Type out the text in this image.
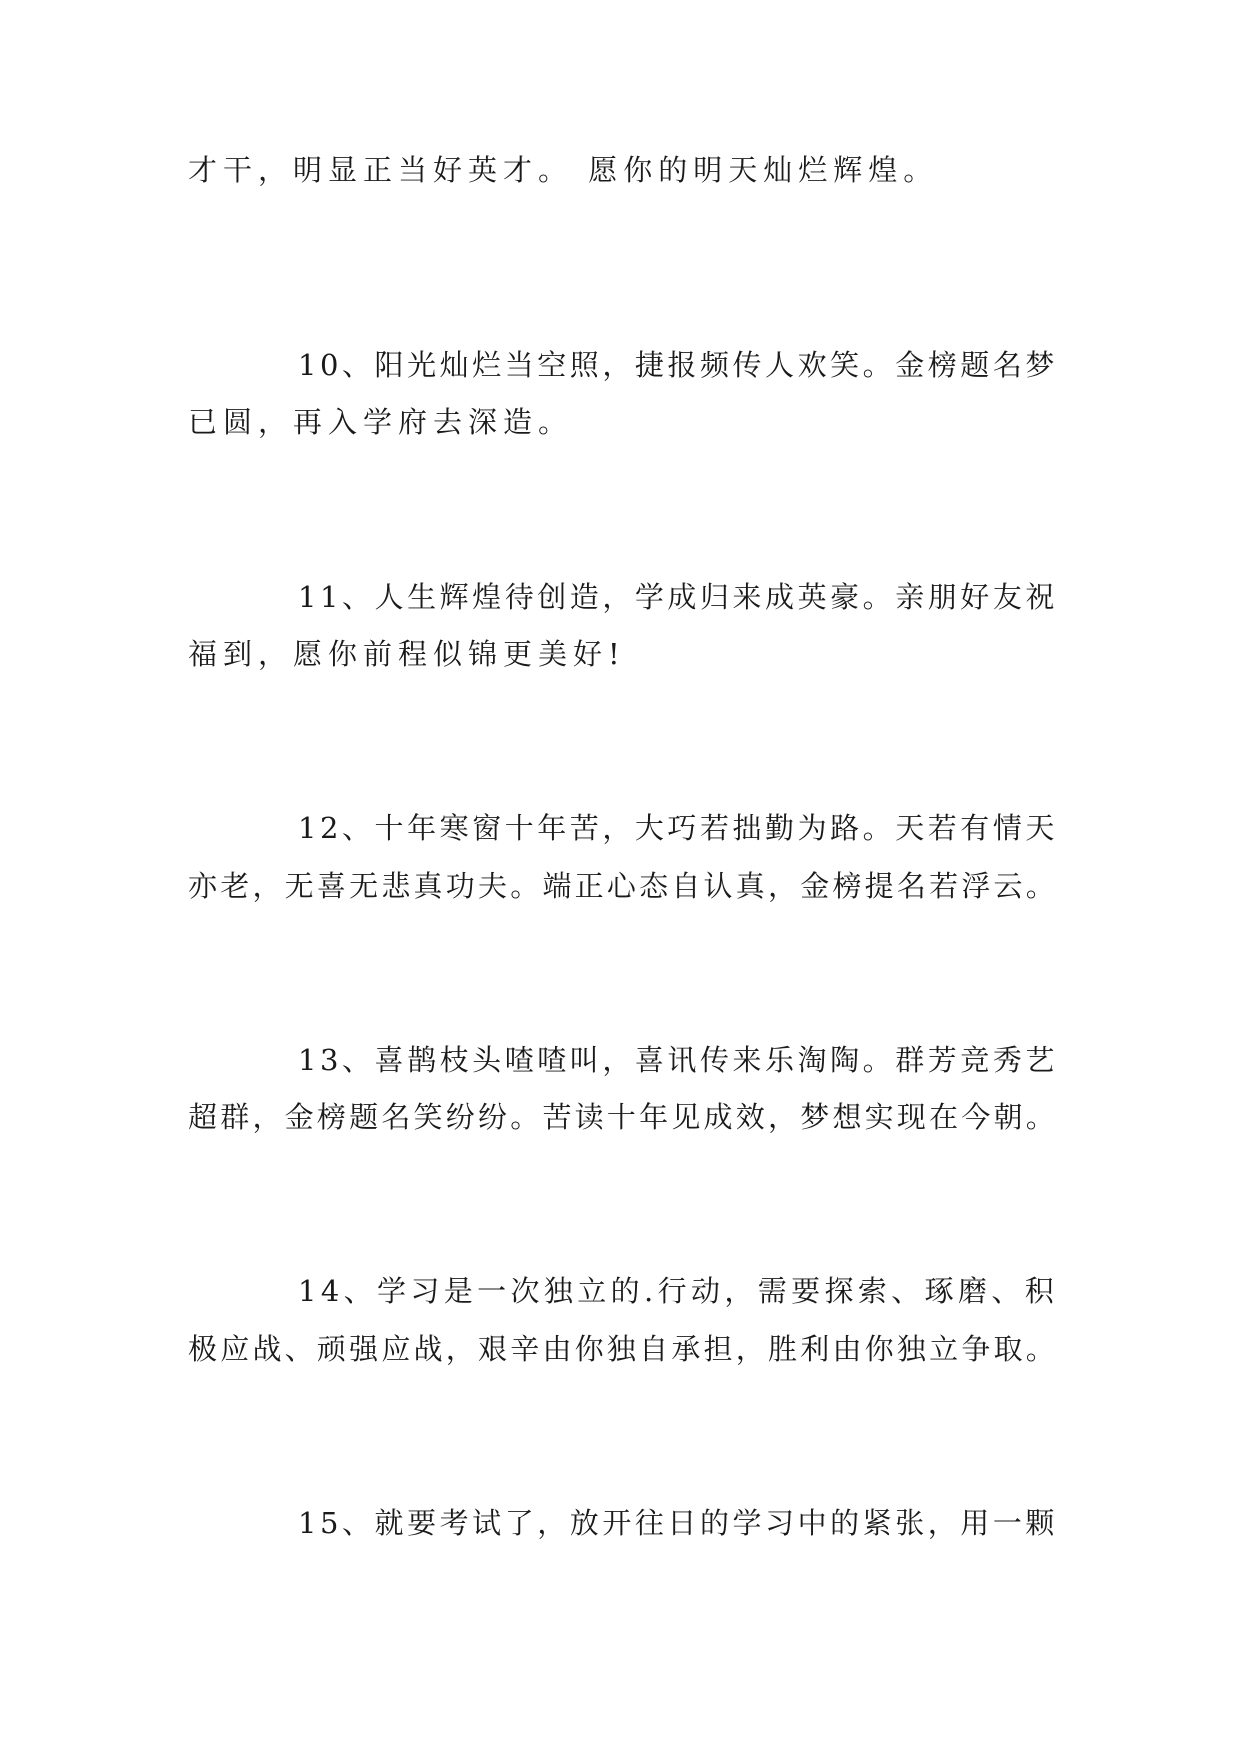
才干，明显正当好英才。 愿你的明天灿烂辉煌。
10、阳光灿烂当空照，捷报频传人欢笑。金榜题名梦
已圆，再入学府去深造。
11、人生辉煌待创造，学成归来成英豪。亲朋好友祝
福到，愿你前程似锦更美好!
12、十年寒窗十年苦，大巧若拙勤为路。天若有情天
亦老，无喜无悲真功夫。端正心态自认真，金榜提名若浮云。
13、喜鹊枝头喳喳叫，喜讯传来乐淘陶。群芳竞秀艺
超群，金榜题名笑纷纷。苦读十年见成效，梦想实现在今朝。
14、学习是一次独立的.行动，需要探索、琢磨、积
极应战、顽强应战，艰辛由你独自承担，胜利由你独立争取。
15、就要考试了，放开往日的学习中的紧张，用一颗
